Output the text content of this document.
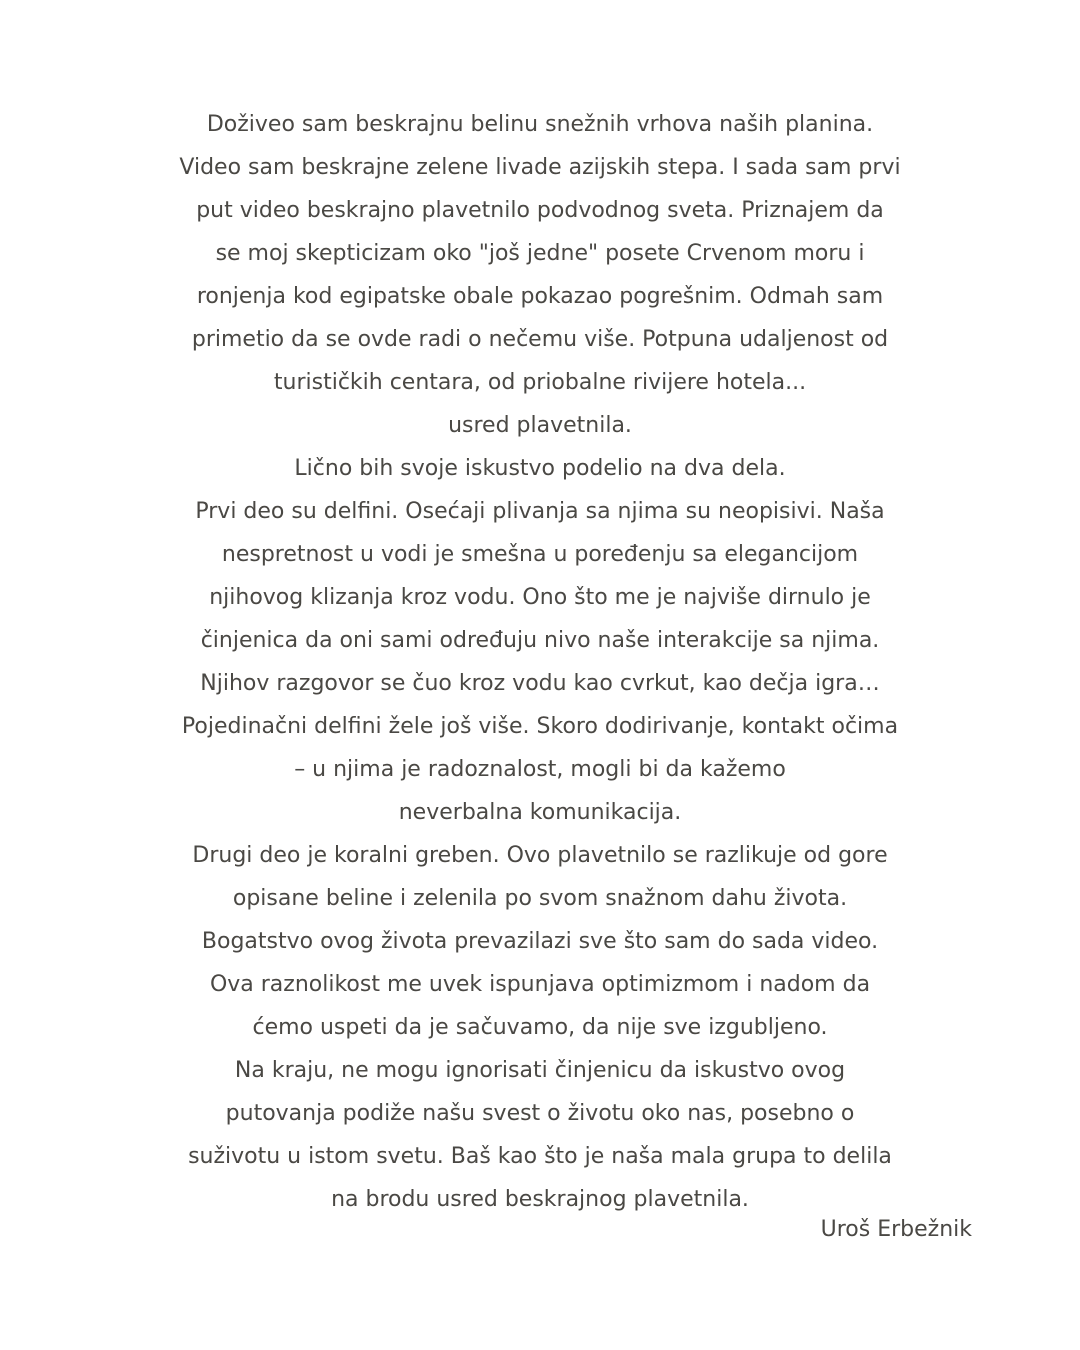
Doživeo sam beskrajnu belinu snežnih vrhova naših planina.
Video sam beskrajne zelene livade azijskih stepa. I sada sam prvi
put video beskrajno plavetnilo podvodnog sveta. Priznajem da
se moj skepticizam oko "još jedne" posete Crvenom moru i
ronjenja kod egipatske obale pokazao pogrešnim. Odmah sam
primetio da se ovde radi o nečemu više. Potpuna udaljenost od
turističkih centara, od priobalne rivijere hotela...
usred plavetnila.
Lično bih svoje iskustvo podelio na dva dela.
Prvi deo su delfini. Osećaji plivanja sa njima su neopisivi. Naša
nespretnost u vodi je smešna u poređenju sa elegancijom
njihovog klizanja kroz vodu. Ono što me je najviše dirnulo je
činjenica da oni sami određuju nivo naše interakcije sa njima.
Njihov razgovor se čuo kroz vodu kao cvrkut, kao dečja igra…
Pojedinačni delfini žele još više. Skoro dodirivanje, kontakt očima
– u njima je radoznalost, mogli bi da kažemo
neverbalna komunikacija.
Drugi deo je koralni greben. Ovo plavetnilo se razlikuje od gore
opisane beline i zelenila po svom snažnom dahu života.
Bogatstvo ovog života prevazilazi sve što sam do sada video.
Ova raznolikost me uvek ispunjava optimizmom i nadom da
ćemo uspeti da je sačuvamo, da nije sve izgubljeno.
Na kraju, ne mogu ignorisati činjenicu da iskustvo ovog
putovanja podiže našu svest o životu oko nas, posebno o
suživotu u istom svetu. Baš kao što je naša mala grupa to delila
na brodu usred beskrajnog plavetnila.
Uroš Erbežnik
